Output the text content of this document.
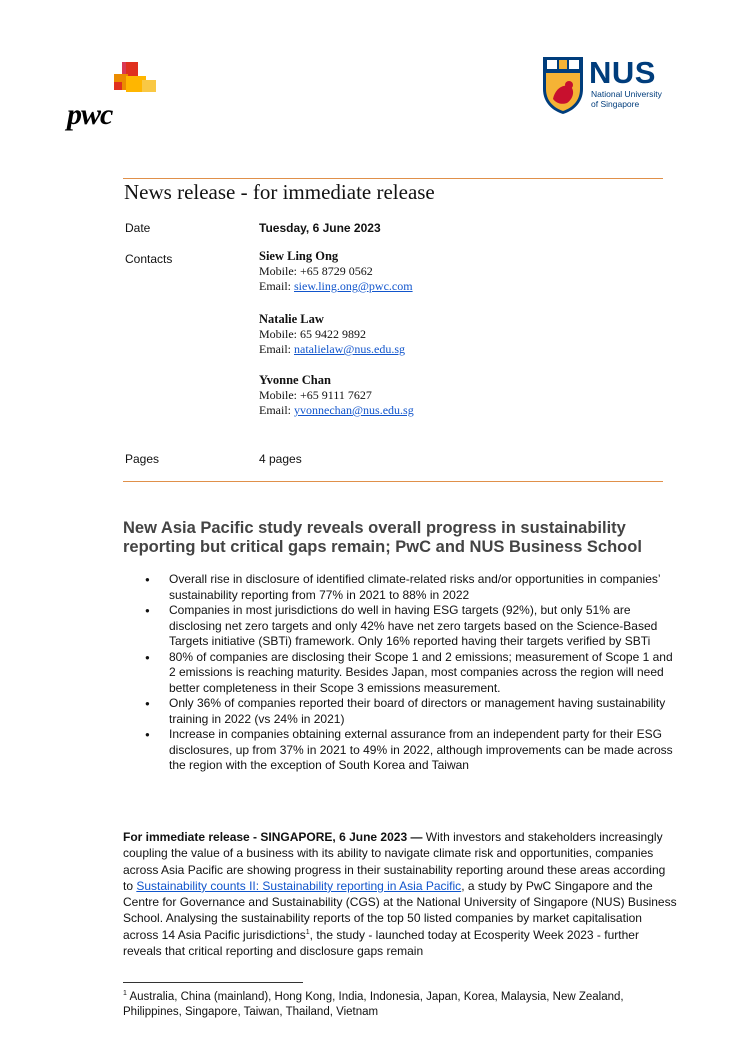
pwc
NUS
National University
of Singapore
News release - for immediate release
Date	Tuesday, 6 June 2023
Contacts	Siew Ling Ong
Mobile: +65 8729 0562
Email: siew.ling.ong@pwc.com
Natalie Law
Mobile: 65 9422 9892
Email: natalielaw@nus.edu.sg
Yvonne Chan
Mobile: +65 9111 7627
Email: yvonnechan@nus.edu.sg
Pages	4 pages
New Asia Pacific study reveals overall progress in sustainability reporting but critical gaps remain; PwC and NUS Business School
● Overall rise in disclosure of identified climate-related risks and/or opportunities in companies’ sustainability reporting from 77% in 2021 to 88% in 2022
● Companies in most jurisdictions do well in having ESG targets (92%), but only 51% are disclosing net zero targets and only 42% have net zero targets based on the Science-Based Targets initiative (SBTi) framework. Only 16% reported having their targets verified by SBTi
● 80% of companies are disclosing their Scope 1 and 2 emissions; measurement of Scope 1 and 2 emissions is reaching maturity. Besides Japan, most companies across the region will need better completeness in their Scope 3 emissions measurement.
● Only 36% of companies reported their board of directors or management having sustainability training in 2022 (vs 24% in 2021)
● Increase in companies obtaining external assurance from an independent party for their ESG disclosures, up from 37% in 2021 to 49% in 2022, although improvements can be made across the region with the exception of South Korea and Taiwan
For immediate release - SINGAPORE, 6 June 2023 — With investors and stakeholders increasingly coupling the value of a business with its ability to navigate climate risk and opportunities, companies across Asia Pacific are showing progress in their sustainability reporting around these areas according to Sustainability counts II: Sustainability reporting in Asia Pacific, a study by PwC Singapore and the Centre for Governance and Sustainability (CGS) at the National University of Singapore (NUS) Business School. Analysing the sustainability reports of the top 50 listed companies by market capitalisation across 14 Asia Pacific jurisdictions$^1$, the study - launched today at Ecosperity Week 2023 - further reveals that critical reporting and disclosure gaps remain
$^1$ Australia, China (mainland), Hong Kong, India, Indonesia, Japan, Korea, Malaysia, New Zealand, Philippines, Singapore, Taiwan, Thailand, Vietnam
